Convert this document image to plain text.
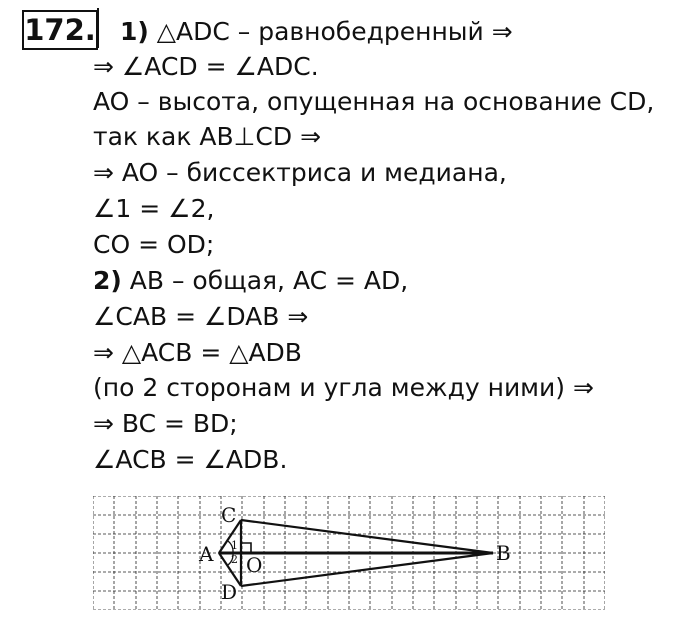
172. 1) △ADC – равнобедренный ⇒
⇒ ∠ACD = ∠ADC.
AO – высота, опущенная на основание CD,
так как AB⊥CD ⇒
⇒ AO – биссектриса и медиана,
∠1 = ∠2,
CO = OD;
2) AB – общая, AC = AD,
∠CAB = ∠DAB ⇒
⇒ △ACB = △ADB
(по 2 сторонам и угла между ними) ⇒
⇒ BC = BD;
∠ACB = ∠ADB.
C
A O
D
B
1
2
